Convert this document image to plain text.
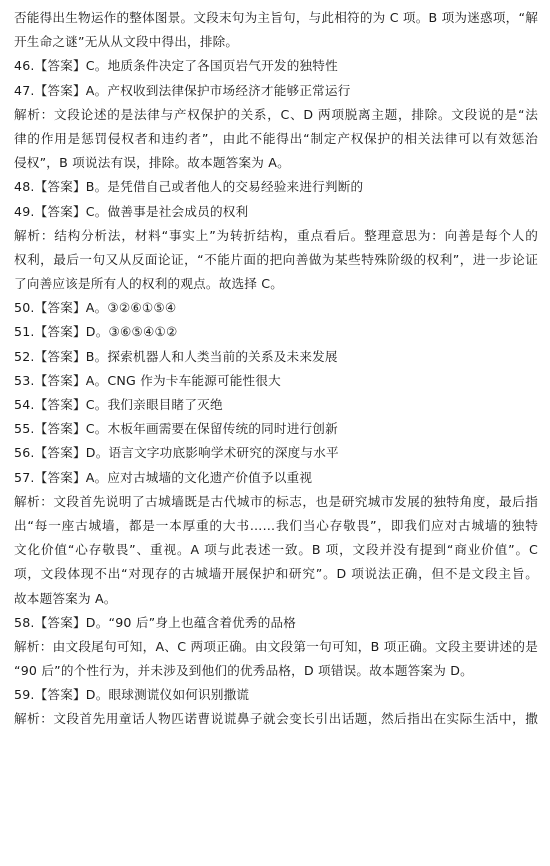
否能得出生物运作的整体图景。文段末句为主旨句，与此相符的为 C 项。B 项为迷惑项，“解
开生命之谜”无从从文段中得出，排除。
46.【答案】C。地质条件决定了各国页岩气开发的独特性
47.【答案】A。产权收到法律保护市场经济才能够正常运行
解析：文段论述的是法律与产权保护的关系，C、D 两项脱离主题，排除。文段说的是“法
律的作用是惩罚侵权者和违约者”，由此不能得出“制定产权保护的相关法律可以有效惩治
侵权”，B 项说法有误，排除。故本题答案为 A。
48.【答案】B。是凭借自己或者他人的交易经验来进行判断的
49.【答案】C。做善事是社会成员的权利
解析：结构分析法，材料“事实上”为转折结构，重点看后。整理意思为：向善是每个人的
权利，最后一句又从反面论证，“不能片面的把向善做为某些特殊阶级的权利”，进一步论证
了向善应该是所有人的权利的观点。故选择 C。
50.【答案】A。③②⑥①⑤④
51.【答案】D。③⑥⑤④①②
52.【答案】B。探索机器人和人类当前的关系及未来发展
53.【答案】A。CNG 作为卡车能源可能性很大
54.【答案】C。我们亲眼目睹了灭绝
55.【答案】C。木板年画需要在保留传统的同时进行创新
56.【答案】D。语言文字功底影响学术研究的深度与水平
57.【答案】A。应对古城墙的文化遗产价值予以重视
解析：文段首先说明了古城墙既是古代城市的标志，也是研究城市发展的独特角度，最后指
出“每一座古城墙，都是一本厚重的大书……我们当心存敬畏”，即我们应对古城墙的独特
文化价值“心存敬畏”、重视。A 项与此表述一致。B 项，文段并没有提到“商业价值”。C
项，文段体现不出“对现存的古城墙开展保护和研究”。D 项说法正确，但不是文段主旨。
故本题答案为 A。
58.【答案】D。“90 后”身上也蕴含着优秀的品格
解析：由文段尾句可知，A、C 两项正确。由文段第一句可知，B 项正确。文段主要讲述的是
“90 后”的个性行为，并未涉及到他们的优秀品格，D 项错误。故本题答案为 D。
59.【答案】D。眼球测谎仪如何识别撒谎
解析：文段首先用童话人物匹诺曹说谎鼻子就会变长引出话题，然后指出在实际生活中，撒
